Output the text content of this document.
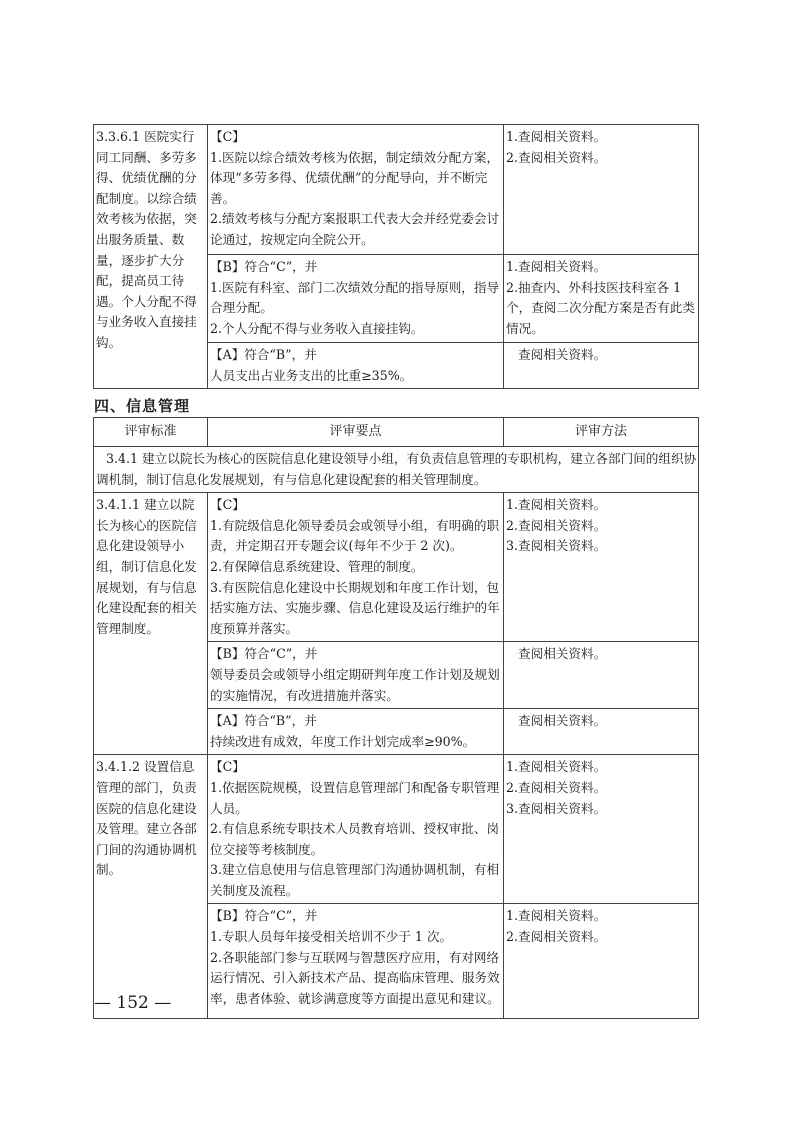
3.3.6.1 医院实行同工同酬、多劳多得、优绩优酬的分配制度。以综合绩效考核为依据，突出服务质量、数量，逐步扩大分配，提高员工待遇。个人分配不得与业务收入直接挂钩。	【C】
1.医院以综合绩效考核为依据，制定绩效分配方案，体现“多劳多得、优绩优酬”的分配导向，并不断完善。
2.绩效考核与分配方案报职工代表大会并经党委会讨论通过，按规定向全院公开。	1.查阅相关资料。
2.查阅相关资料。

	【B】符合“C”，并
1.医院有科室、部门二次绩效分配的指导原则，指导合理分配。
2.个人分配不得与业务收入直接挂钩。	1.查阅相关资料。
2.抽查内、外科技医技科室各 1 个，查阅二次分配方案是否有此类情况。

	【A】符合“B”，并
人员支出占业务支出的比重≥35%。	查阅相关资料。
四、信息管理
评审标准	评审要点	评审方法
3.4.1 建立以院长为核心的医院信息化建设领导小组，有负责信息管理的专职机构，建立各部门间的组织协调机制，制订信息化发展规划，有与信息化建设配套的相关管理制度。		
3.4.1.1 建立以院长为核心的医院信息化建设领导小组，制订信息化发展规划，有与信息化建设配套的相关管理制度。	【C】
1.有院级信息化领导委员会或领导小组，有明确的职责，并定期召开专题会议(每年不少于 2 次)。
2.有保障信息系统建设、管理的制度。
3.有医院信息化建设中长期规划和年度工作计划，包括实施方法、实施步骤、信息化建设及运行维护的年度预算并落实。	1.查阅相关资料。
2.查阅相关资料。
3.查阅相关资料。

	【B】符合“C”，并
领导委员会或领导小组定期研判年度工作计划及规划的实施情况，有改进措施并落实。	查阅相关资料。

	【A】符合“B”，并
持续改进有成效，年度工作计划完成率≥90%。	查阅相关资料。

3.4.1.2 设置信息管理的部门，负责医院的信息化建设及管理。建立各部门间的沟通协调机制。	【C】
1.依据医院规模，设置信息管理部门和配备专职管理人员。
2.有信息系统专职技术人员教育培训、授权审批、岗位交接等考核制度。
3.建立信息使用与信息管理部门沟通协调机制，有相关制度及流程。	1.查阅相关资料。
2.查阅相关资料。
3.查阅相关资料。

	【B】符合“C”，并
1.专职人员每年接受相关培训不少于 1 次。
2.各职能部门参与互联网与智慧医疗应用，有对网络运行情况、引入新技术产品、提高临床管理、服务效率，患者体验、就诊满意度等方面提出意见和建议。	1.查阅相关资料。
2.查阅相关资料。
— 152 —
